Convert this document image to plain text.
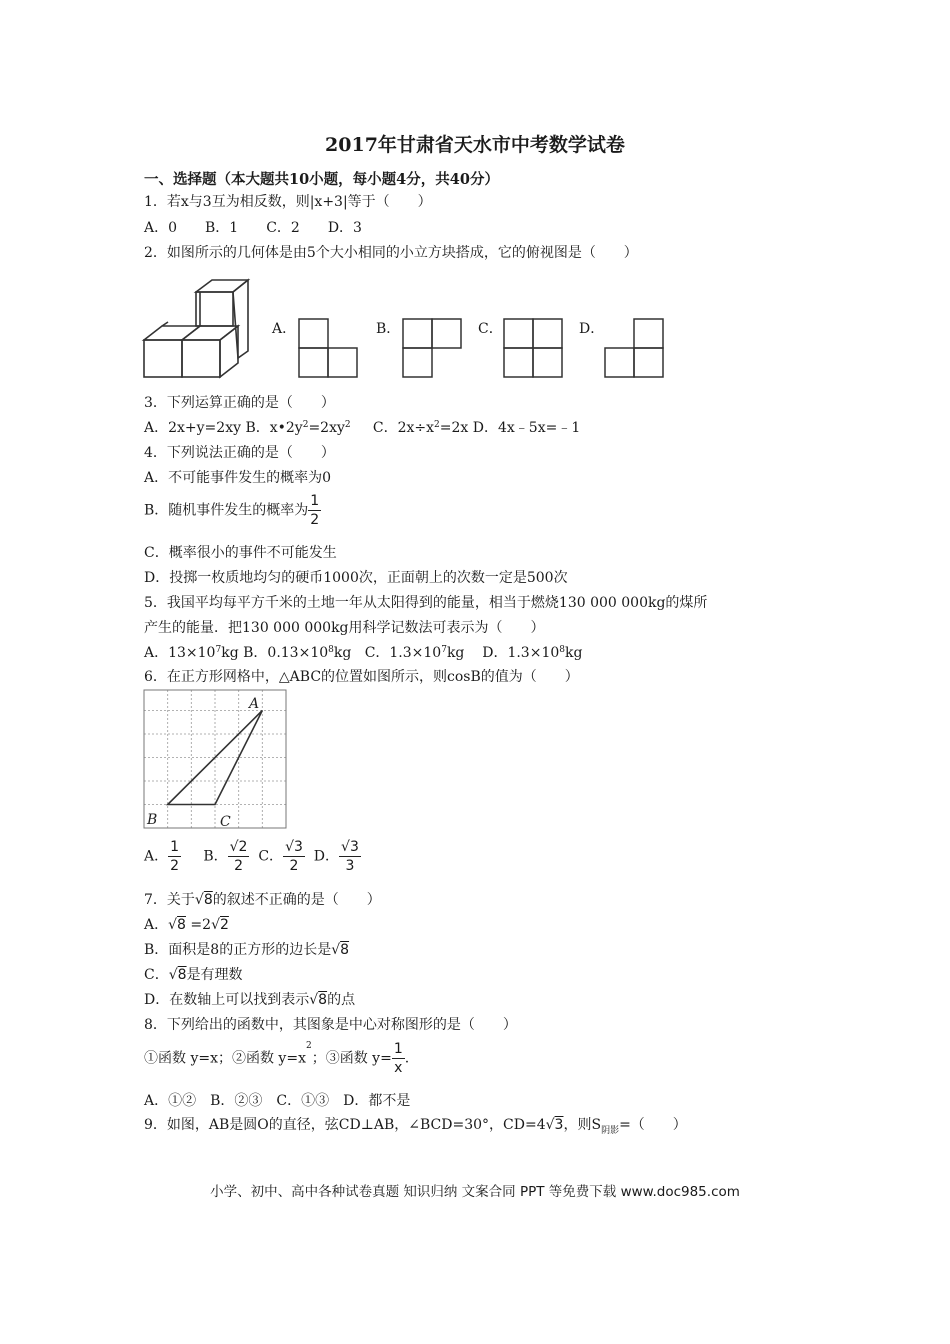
2017年甘肃省天水市中考数学试卷
一、选择题（本大题共10小题，每小题4分，共40分）
1．若x与3互为相反数，则|x+3|等于（　　）
A．0　　B．1　　C．2　　D．3
2．如图所示的几何体是由5个大小相同的小立方块搭成，它的俯视图是（　　）
A．	B．	C．	D．
3．下列运算正确的是（　　）
A．2x+y=2xy B．$x•2y^2=2xy^2$ C．$2x\div x^2=2x$ D．4x﹣5x=﹣1
4．下列说法正确的是（　　）
A．不可能事件发生的概率为0
B．随机事件发生的概率为 $\frac{1}{2}$
C．概率很小的事件不可能发生
D．投掷一枚质地均匀的硬币1000次，正面朝上的次数一定是500次
5．我国平均每平方千米的土地一年从太阳得到的能量，相当于燃烧130 000 000kg的煤所
产生的能量．把130 000 000kg用科学记数法可表示为（　　）
A．$13\times 10^7kg$ B．$0.13\times 10^8kg$ C．$1.3\times 10^7kg$ D．$1.3\times 10^8kg$
6．在正方形网格中，△ABC的位置如图所示，则cosB的值为（　　）
A
B	C
A． $\frac{1}{2}$ B． $\frac{√2}{2}$ C． $\frac{√3}{2}$ D． $\frac{√3}{3}$
7．关于√8的叙述不正确的是（　　）
A．√8 =2√2
B．面积是8的正方形的边长是√8
C．√8是有理数
D．在数轴上可以找到表示√8的点
8．下列给出的函数中，其图象是中心对称图形的是（　　）
①函数 y=x；②函数 $y=x^2$；③函数 $y= \frac{1}{x}$ .
A．①②　B．②③　C．①③　D．都不是
9．如图，AB是圆O的直径，弦CD⊥AB，∠BCD=30°，CD=4√3，则$S_{阴影}=$（　　）
小学、初中、高中各种试卷真题 知识归纳 文案合同 PPT 等免费下载 www.doc985.com
